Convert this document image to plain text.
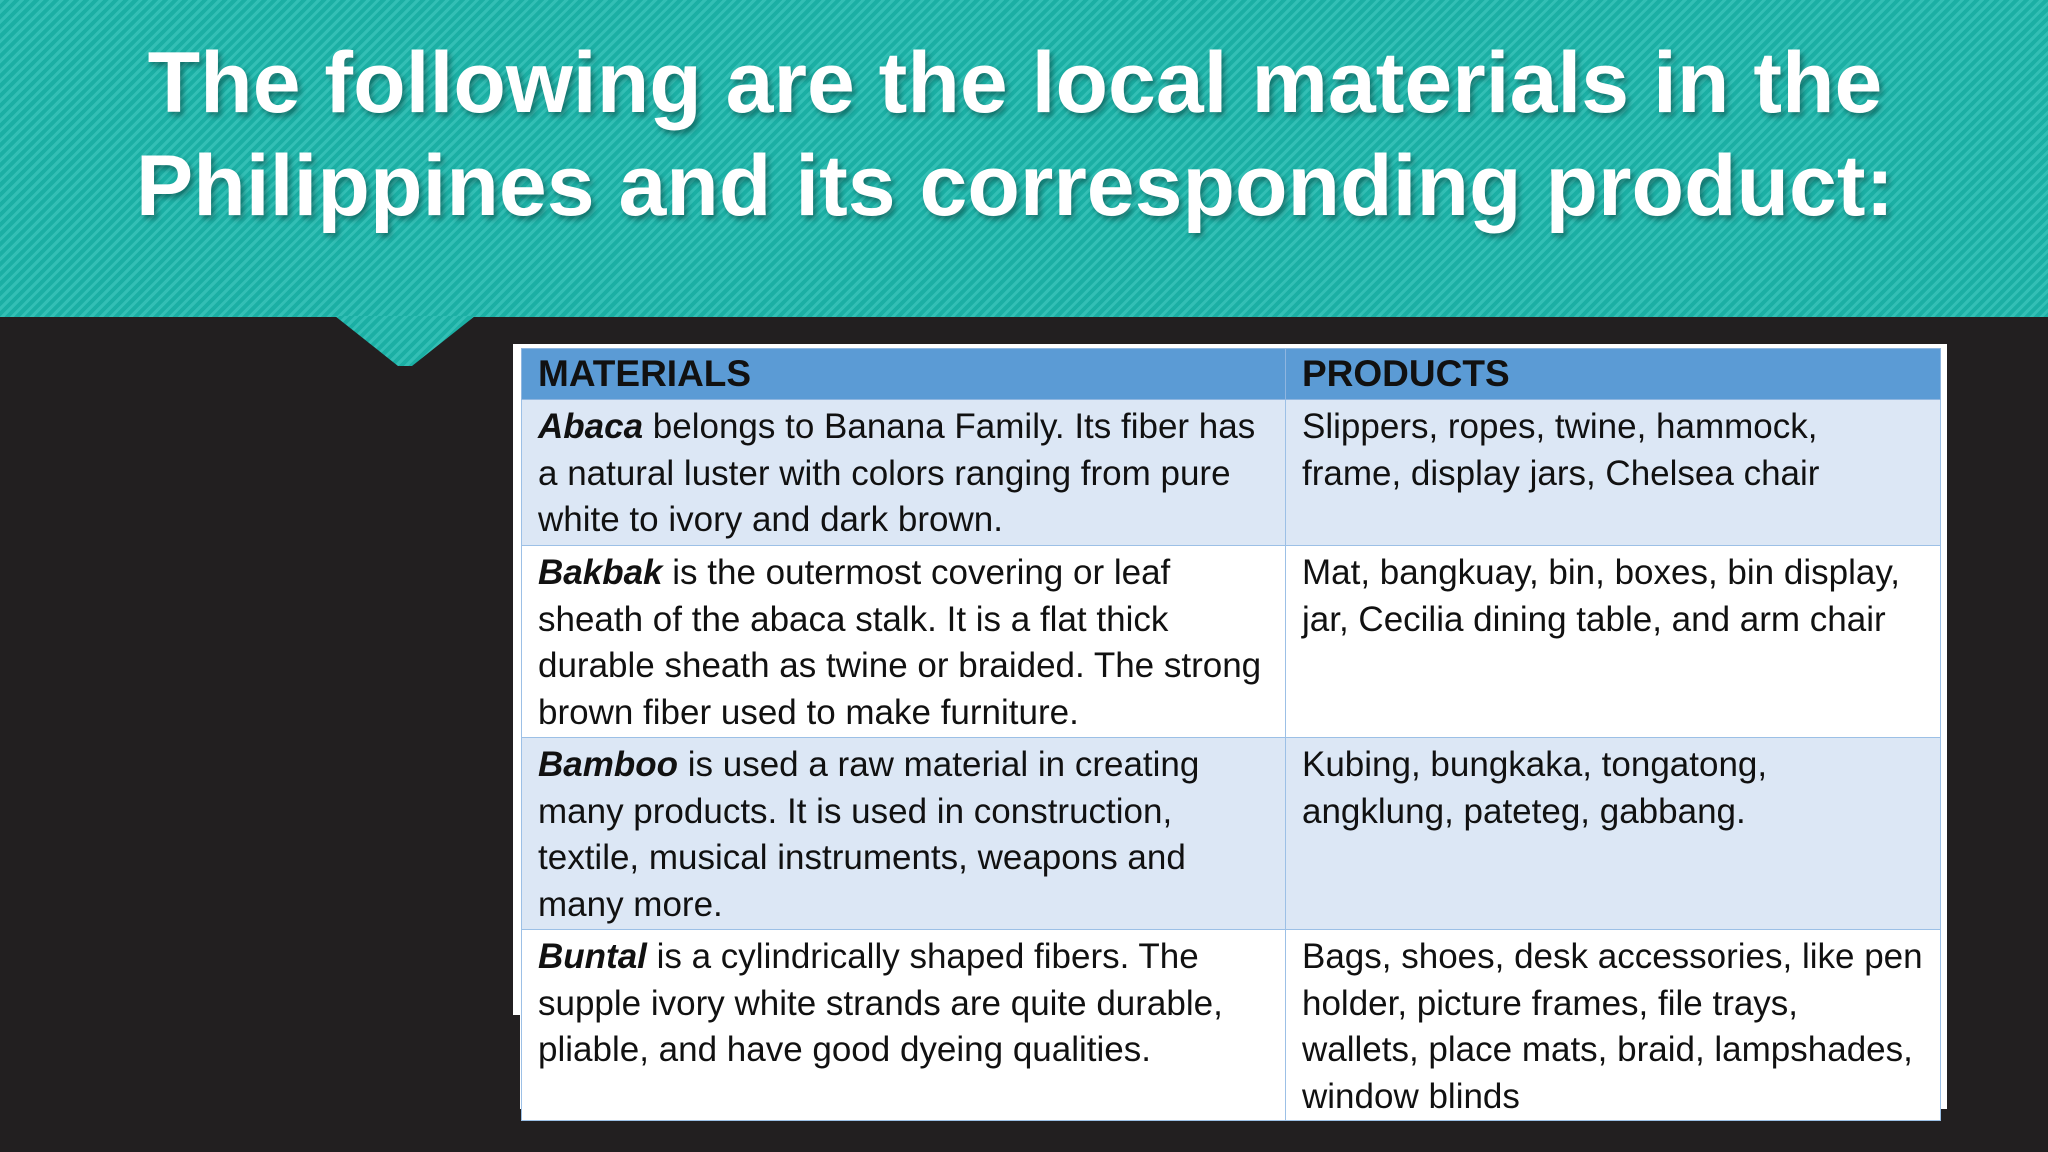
The following are the local materials in the
Philippines and its corresponding product:
MATERIALS	PRODUCTS
Abaca belongs to Banana Family. Its fiber has a natural luster with colors ranging from pure white to ivory and dark brown.	Slippers, ropes, twine, hammock, frame, display jars, Chelsea chair
Bakbak is the outermost covering or leaf sheath of the abaca stalk. It is a flat thick durable sheath as twine or braided. The strong brown fiber used to make furniture.	Mat, bangkuay, bin, boxes, bin display, jar, Cecilia dining table, and arm chair
Bamboo is used a raw material in creating many products. It is used in construction, textile, musical instruments, weapons and many more.	Kubing, bungkaka, tongatong, angklung, pateteg, gabbang.
Buntal is a cylindrically shaped fibers. The supple ivory white strands are quite durable, pliable, and have good dyeing qualities.	Bags, shoes, desk accessories, like pen holder, picture frames, file trays, wallets, place mats, braid, lampshades, window blinds
